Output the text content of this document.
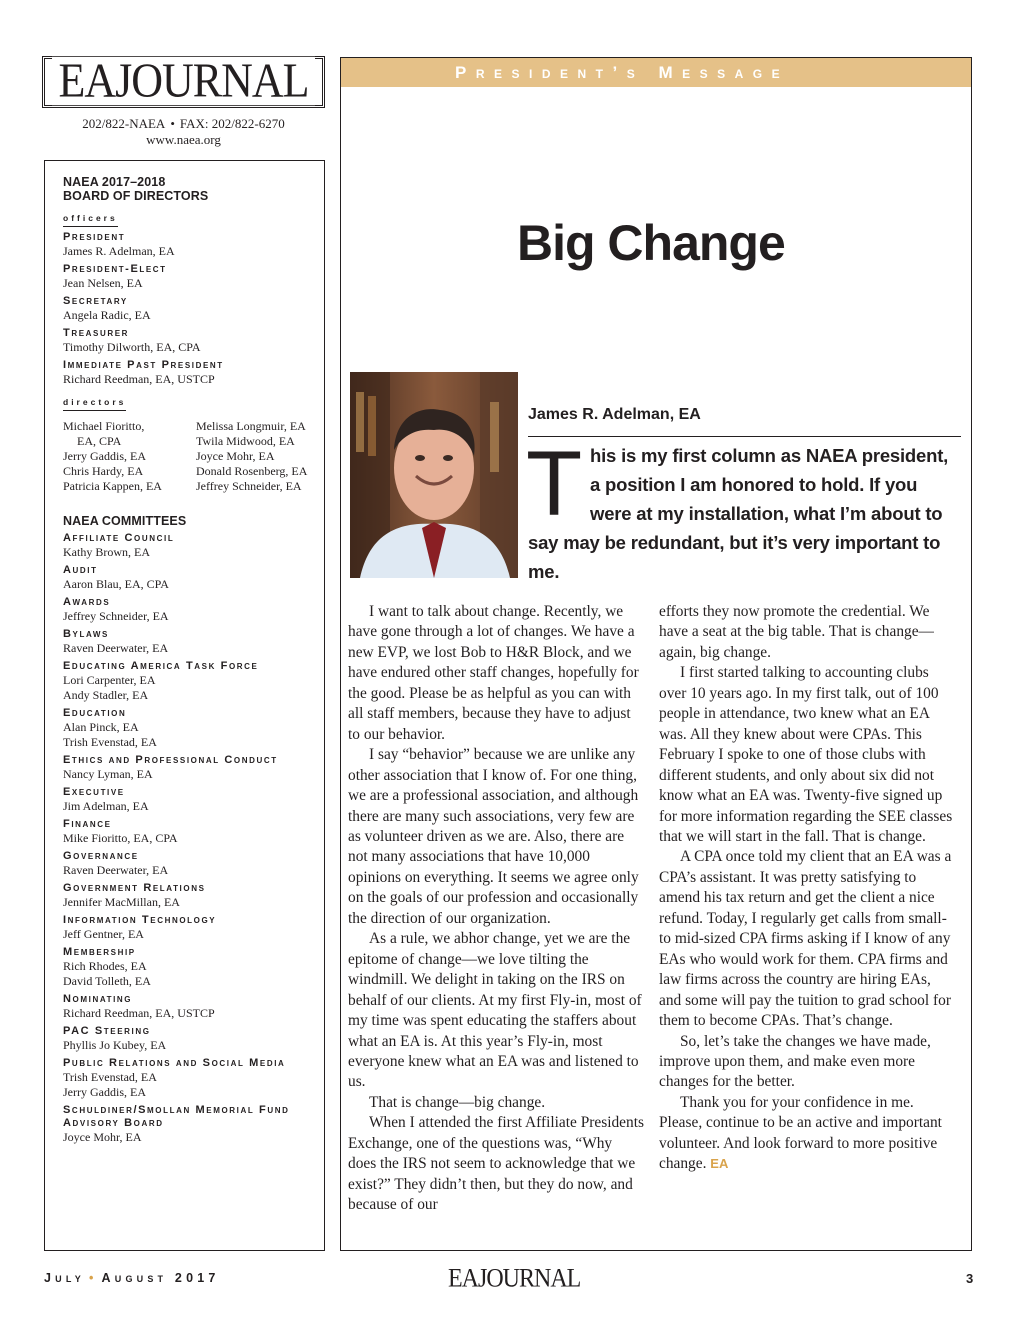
EAJOURNAL
202/822-NAEA • FAX: 202/822-6270
www.naea.org
NAEA 2017–2018
BOARD OF DIRECTORS
officers
President
James R. Adelman, EA
President-Elect
Jean Nelsen, EA
Secretary
Angela Radic, EA
Treasurer
Timothy Dilworth, EA, CPA
Immediate Past President
Richard Reedman, EA, USTCP
directors
Michael Fioritto,
EA, CPA
Jerry Gaddis, EA
Chris Hardy, EA
Patricia Kappen, EA
Melissa Longmuir, EA
Twila Midwood, EA
Joyce Mohr, EA
Donald Rosenberg, EA
Jeffrey Schneider, EA
NAEA COMMITTEES
Affiliate Council
Kathy Brown, EA
Audit
Aaron Blau, EA, CPA
Awards
Jeffrey Schneider, EA
Bylaws
Raven Deerwater, EA
Educating America Task Force
Lori Carpenter, EA
Andy Stadler, EA
Education
Alan Pinck, EA
Trish Evenstad, EA
Ethics and Professional Conduct
Nancy Lyman, EA
Executive
Jim Adelman, EA
Finance
Mike Fioritto, EA, CPA
Governance
Raven Deerwater, EA
Government Relations
Jennifer MacMillan, EA
Information Technology
Jeff Gentner, EA
Membership
Rich Rhodes, EA
David Tolleth, EA
Nominating
Richard Reedman, EA, USTCP
PAC Steering
Phyllis Jo Kubey, EA
Public Relations and Social Media
Trish Evenstad, EA
Jerry Gaddis, EA
Schuldiner/Smollan Memorial Fund Advisory Board
Joyce Mohr, EA
President’s Message
Big Change
James R. Adelman, EA
This is my first column as NAEA president, a position I am honored to hold. If you were at my installation, what I’m about to say may be redundant, but it’s very important to me.

I want to talk about change. Recently, we have gone through a lot of changes. We have a new EVP, we lost Bob to H&R Block, and we have endured other staff changes, hopefully for the good. Please be as helpful as you can with all staff members, because they have to adjust to our behavior.

I say “behavior” because we are unlike any other association that I know of. For one thing, we are a professional association, and although there are many such associations, very few are as volunteer driven as we are. Also, there are not many associations that have 10,000 opinions on everything. It seems we agree only on the goals of our profession and occasionally the direction of our organization.

As a rule, we abhor change, yet we are the epitome of change—we love tilting the windmill. We delight in taking on the IRS on behalf of our clients. At my first Fly-in, most of my time was spent educating the staffers about what an EA is. At this year’s Fly-in, most everyone knew what an EA was and listened to us.

That is change—big change.

When I attended the first Affiliate Presidents Exchange, one of the questions was, “Why does the IRS not seem to acknowledge that we exist?” They didn’t then, but they do now, and because of our

efforts they now promote the credential. We have a seat at the big table. That is change—again, big change.

I first started talking to accounting clubs over 10 years ago. In my first talk, out of 100 people in attendance, two knew what an EA was. All they knew about were CPAs. This February I spoke to one of those clubs with different students, and only about six did not know what an EA was. Twenty-five signed up for more information regarding the SEE classes that we will start in the fall. That is change.

A CPA once told my client that an EA was a CPA’s assistant. It was pretty satisfying to amend his tax return and get the client a nice refund. Today, I regularly get calls from small- to mid-sized CPA firms asking if I know of any EAs who would work for them. CPA firms and law firms across the country are hiring EAs, and some will pay the tuition to grad school for them to become CPAs. That’s change.

So, let’s take the changes we have made, improve upon them, and make even more changes for the better.

Thank you for your confidence in me. Please, continue to be an active and important volunteer. And look forward to more positive change. EA

July • August 2017	EAJOURNAL	3
